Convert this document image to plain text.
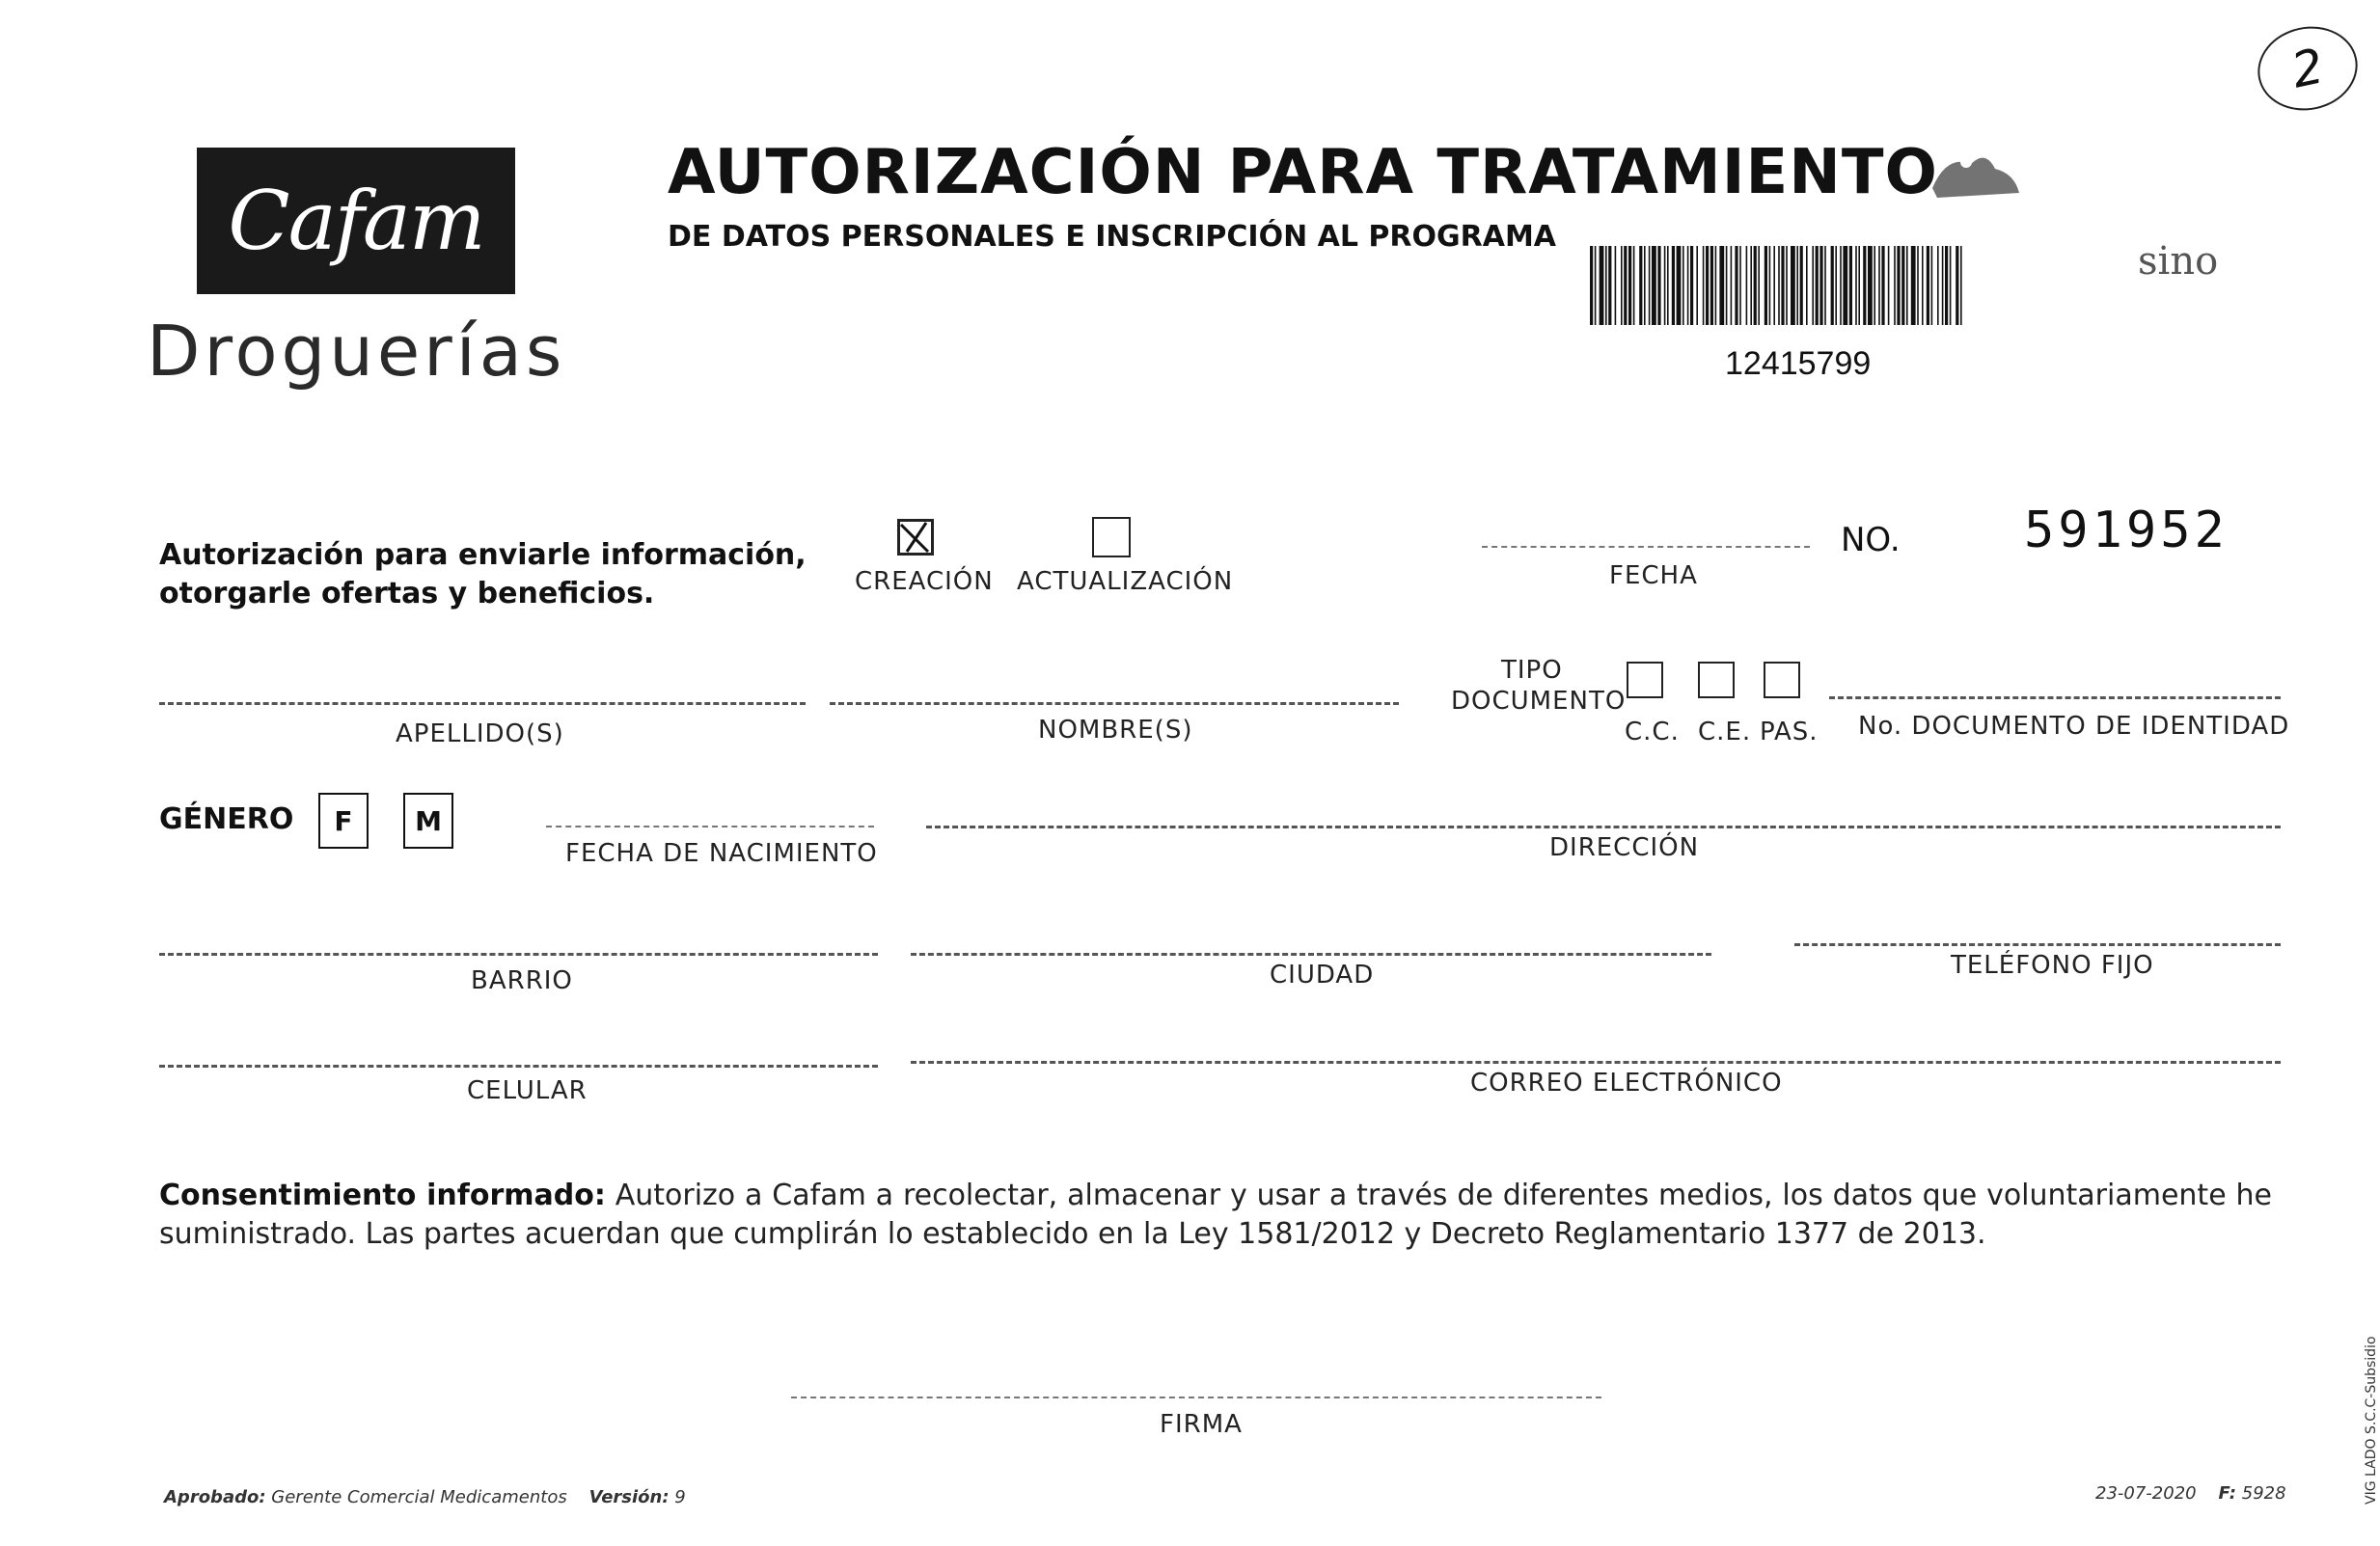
2
Cafam
Droguerías
AUTORIZACIÓN PARA TRATAMIENTO
DE DATOS PERSONALES E INSCRIPCIÓN AL PROGRAMA
sino
12415799
Autorización para enviarle información,
otorgarle ofertas y beneficios.	CREACIÓN ACTUALIZACIÓN	FECHA
NO. 591952
APELLIDO(S)	NOMBRE(S)
TIPO
DOCUMENTO
C.C. C.E. PAS. No. DOCUMENTO DE IDENTIDAD
GÉNERO F M
FECHA DE NACIMIENTO	DIRECCIÓN
BARRIO	CIUDAD	TELÉFONO FIJO
CELULAR	CORREO ELECTRÓNICO
Consentimiento informado: Autorizo a Cafam a recolectar, almacenar y usar a través de diferentes medios, los datos que voluntariamente he suministrado. Las partes acuerdan que cumplirán lo establecido en la Ley 1581/2012 y Decreto Reglamentario 1377 de 2013.
FIRMA
Aprobado: Gerente Comercial Medicamentos Versión: 9	23-07-2020 F: 5928	VIG LADO S.C.C-Subsidio
